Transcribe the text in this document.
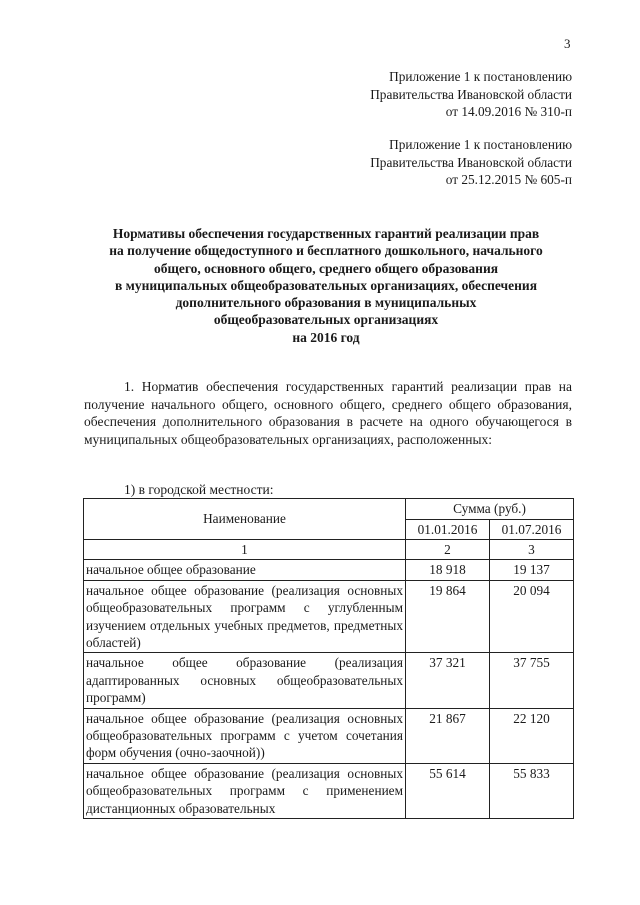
3
Приложение 1 к постановлению
Правительства Ивановской области
от 14.09.2016 № 310-п
Приложение 1 к постановлению
Правительства Ивановской области
от 25.12.2015 № 605-п
Нормативы обеспечения государственных гарантий реализации прав
на получение общедоступного и бесплатного дошкольного, начального
общего, основного общего, среднего общего образования
в муниципальных общеобразовательных организациях, обеспечения
дополнительного образования в муниципальных
общеобразовательных организациях
на 2016 год

1. Норматив обеспечения государственных гарантий реализации прав на получение начального общего, основного общего, среднего общего образования, обеспечения дополнительного образования в расчете на одного обучающегося в муниципальных общеобразовательных организациях, расположенных:

1) в городской местности:
Наименование	Сумма (руб.)	
	01.01.2016	01.07.2016
1	2	3
начальное общее образование	18 918	19 137
начальное общее образование (реализация основных общеобразовательных программ с углубленным изучением отдельных учебных предметов, предметных областей)	19 864	20 094
начальное общее образование (реализация адаптированных основных общеобразовательных программ)	37 321	37 755
начальное общее образование (реализация основных общеобразовательных программ с учетом сочетания форм обучения (очно-заочной))	21 867	22 120
начальное общее образование (реализация основных общеобразовательных программ с применением дистанционных образовательных	55 614	55 833
